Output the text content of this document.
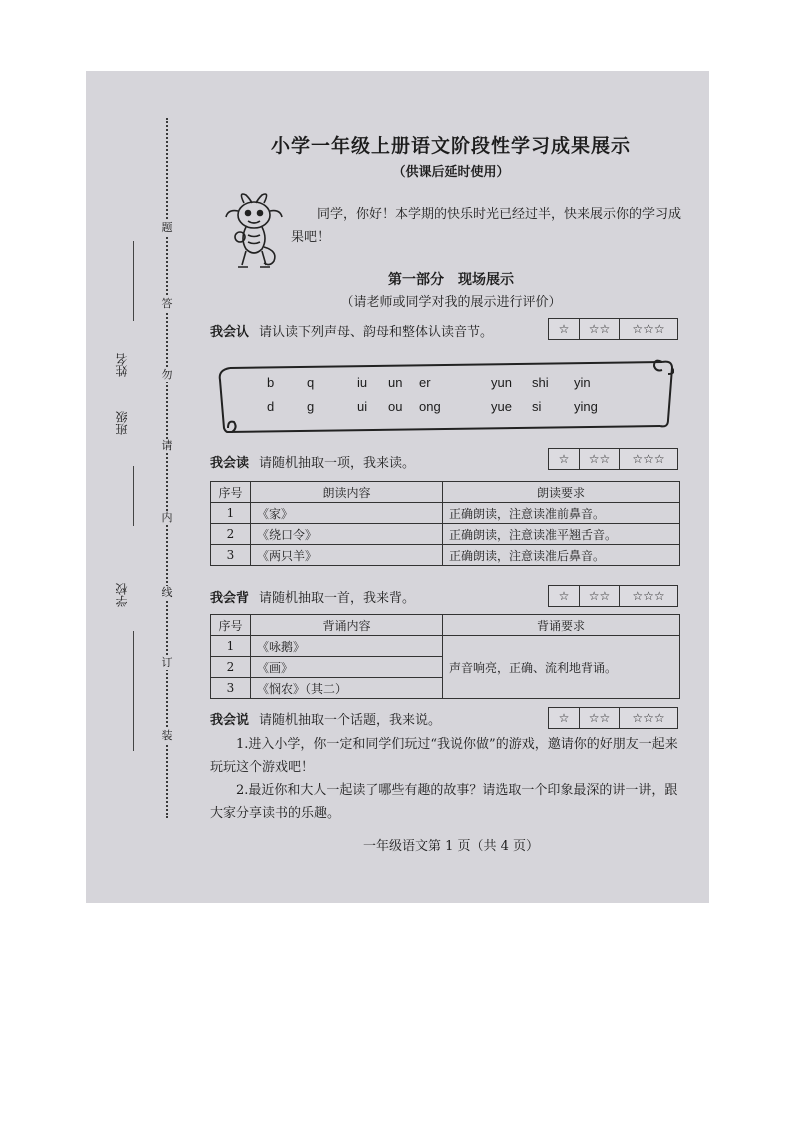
题
答
勿
请
内
线
订
装
姓名
班级
学校
小学一年级上册语文阶段性学习成果展示
（供课后延时使用）
同学，你好！本学期的快乐时光已经过半，快来展示你的学习成果吧！
第一部分　现场展示
（请老师或同学对我的展示进行评价）
我会认 请认读下列声母、韵母和整体认读音节。	☆	☆☆	☆☆☆
b	q	iu un er	yun shi yin
d	g	ui ou ong	yue si	ying
我会读 请随机抽取一项，我来读。	☆	☆☆	☆☆☆
序号	朗读内容	朗读要求
1	《家》	正确朗读，注意读准前鼻音。
2	《绕口令》	正确朗读，注意读准平翘舌音。
3	《两只羊》	正确朗读，注意读准后鼻音。
我会背 请随机抽取一首，我来背。	☆	☆☆	☆☆☆
序号	背诵内容	背诵要求
1	《咏鹅》	声音响亮，正确、流利地背诵。
2	《画》	
3	《悯农》（其二）	
我会说 请随机抽取一个话题，我来说。	☆	☆☆	☆☆☆
1.进入小学，你一定和同学们玩过“我说你做”的游戏，邀请你的好朋友一起来玩玩这个游戏吧！
2.最近你和大人一起读了哪些有趣的故事？请选取一个印象最深的讲一讲，跟大家分享读书的乐趣。
一年级语文第 1 页（共 4 页）
